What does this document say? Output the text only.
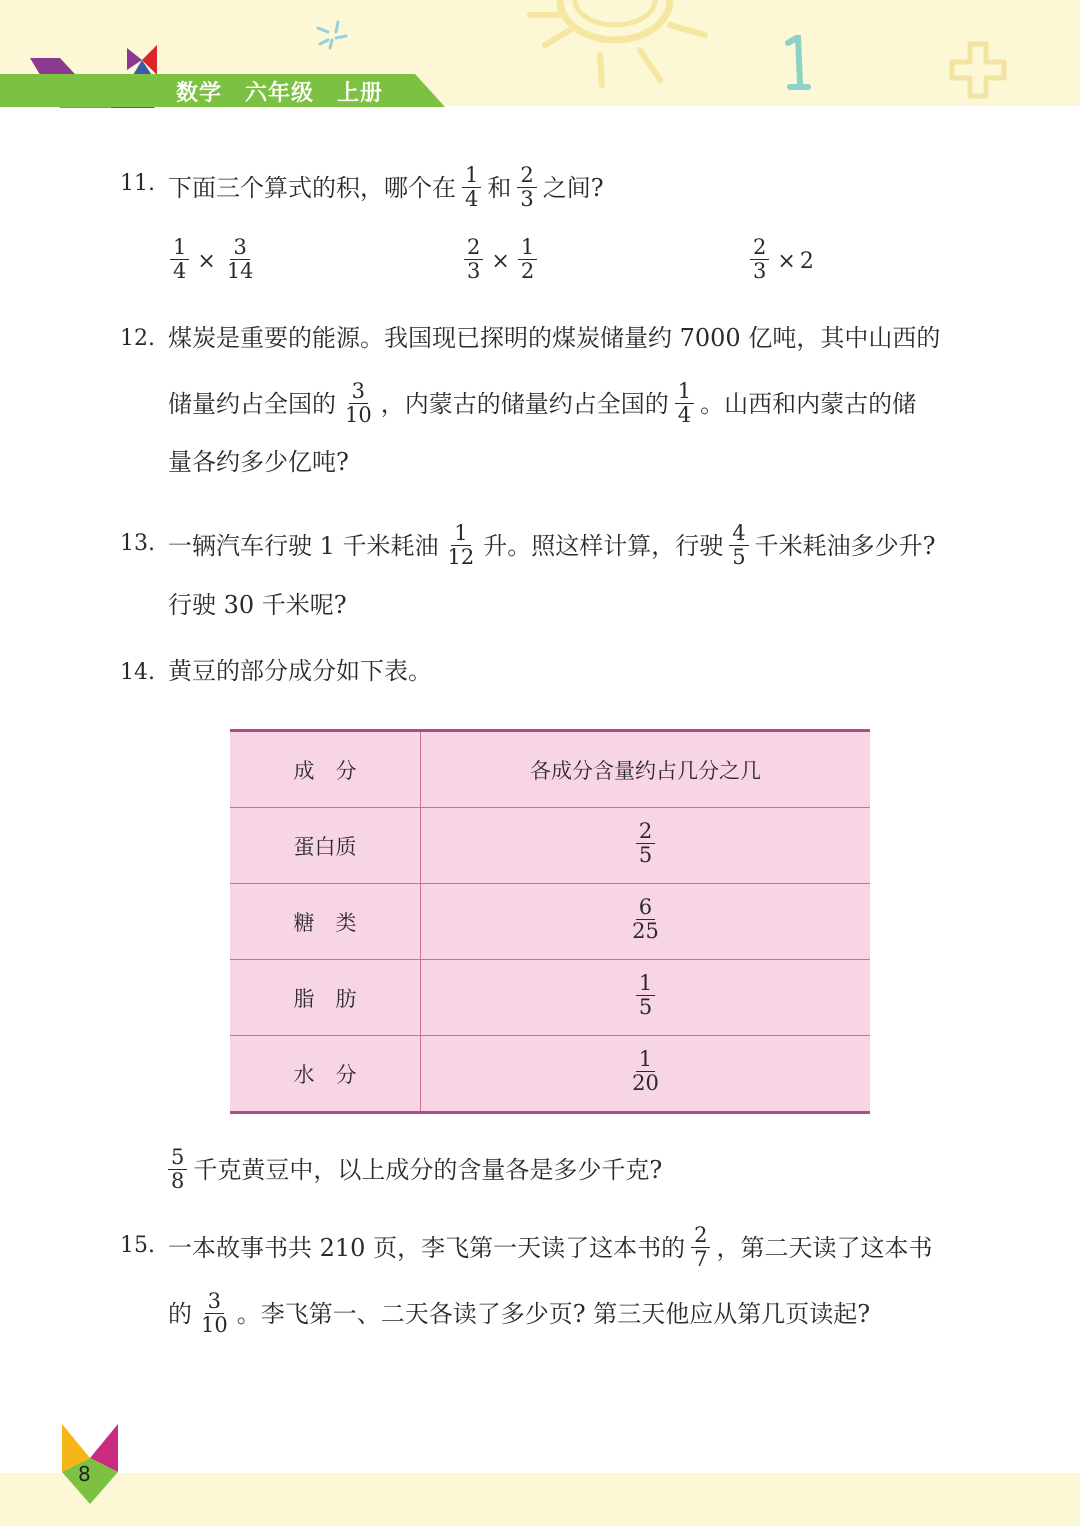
数学　六年级　上册
11. 下面三个算式的积，哪个在 $\frac{1}{4}$ 和 $\frac{2}{3}$ 之间?
$\frac{1}{4} \times \frac{3}{14}$	$\frac{2}{3} \times \frac{1}{2}$	$\frac{2}{3} \times 2$
12. 煤炭是重要的能源。我国现已探明的煤炭储量约 7000 亿吨，其中山西的
储量约占全国的 $\frac{3}{10}$ ，内蒙古的储量约占全国的 $\frac{1}{4}$ 。山西和内蒙古的储
量各约多少亿吨?
13. 一辆汽车行驶 1 千米耗油 $\frac{1}{12}$ 升。照这样计算，行驶 $\frac{4}{5}$ 千米耗油多少升?
行驶 30 千米呢?
14. 黄豆的部分成分如下表。
成　分	各成分含量约占几分之几
蛋白质	$\frac{2}{5}$

糖　类	$\frac{6}{25}$

脂　肪	$\frac{1}{5}$

水　分	$\frac{1}{20}$
$\frac{5}{8}$ 千克黄豆中，以上成分的含量各是多少千克?
15. 一本故事书共 210 页，李飞第一天读了这本书的 $\frac{2}{7}$ ，第二天读了这本书
的 $\frac{3}{10}$ 。李飞第一、二天各读了多少页? 第三天他应从第几页读起?
8
